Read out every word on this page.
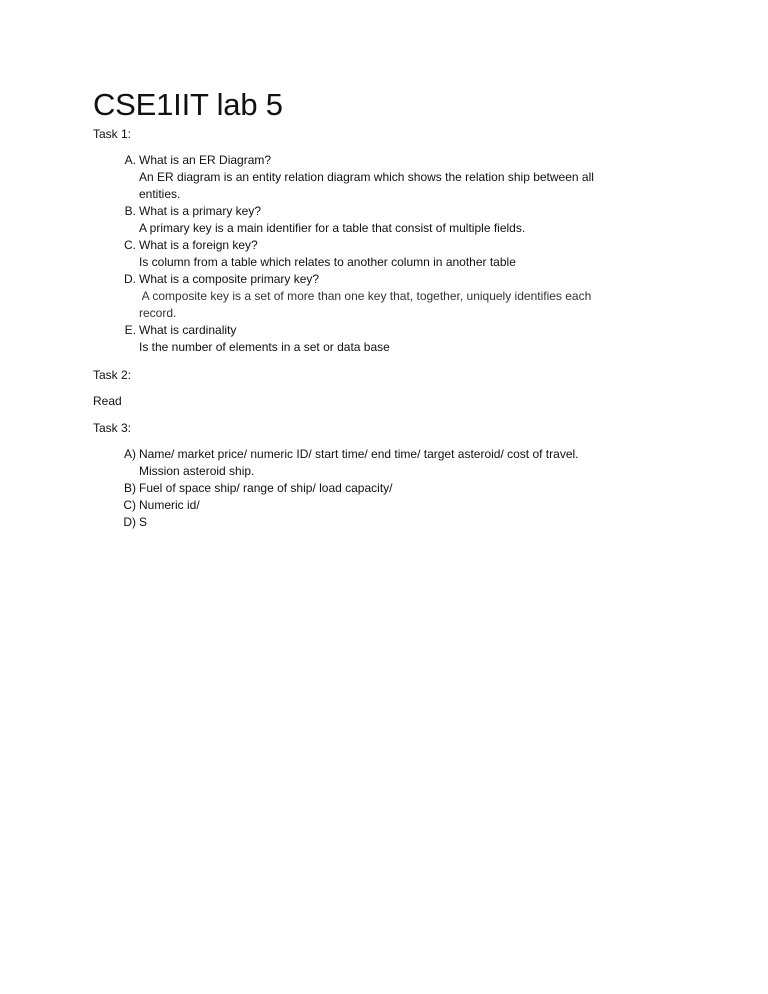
CSE1IIT lab 5
Task 1:
A. What is an ER Diagram?
An ER diagram is an entity relation diagram which shows the relation ship between all
entities.
B. What is a primary key?
A primary key is a main identifier for a table that consist of multiple fields.
C. What is a foreign key?
Is column from a table which relates to another column in another table
D. What is a composite primary key?
A composite key is a set of more than one key that, together, uniquely identifies each
record.
E. What is cardinality
Is the number of elements in a set or data base
Task 2:
Read
Task 3:
A) Name/ market price/ numeric ID/ start time/ end time/ target asteroid/ cost of travel.
Mission asteroid ship.
B) Fuel of space ship/ range of ship/ load capacity/
C) Numeric id/
D) S
